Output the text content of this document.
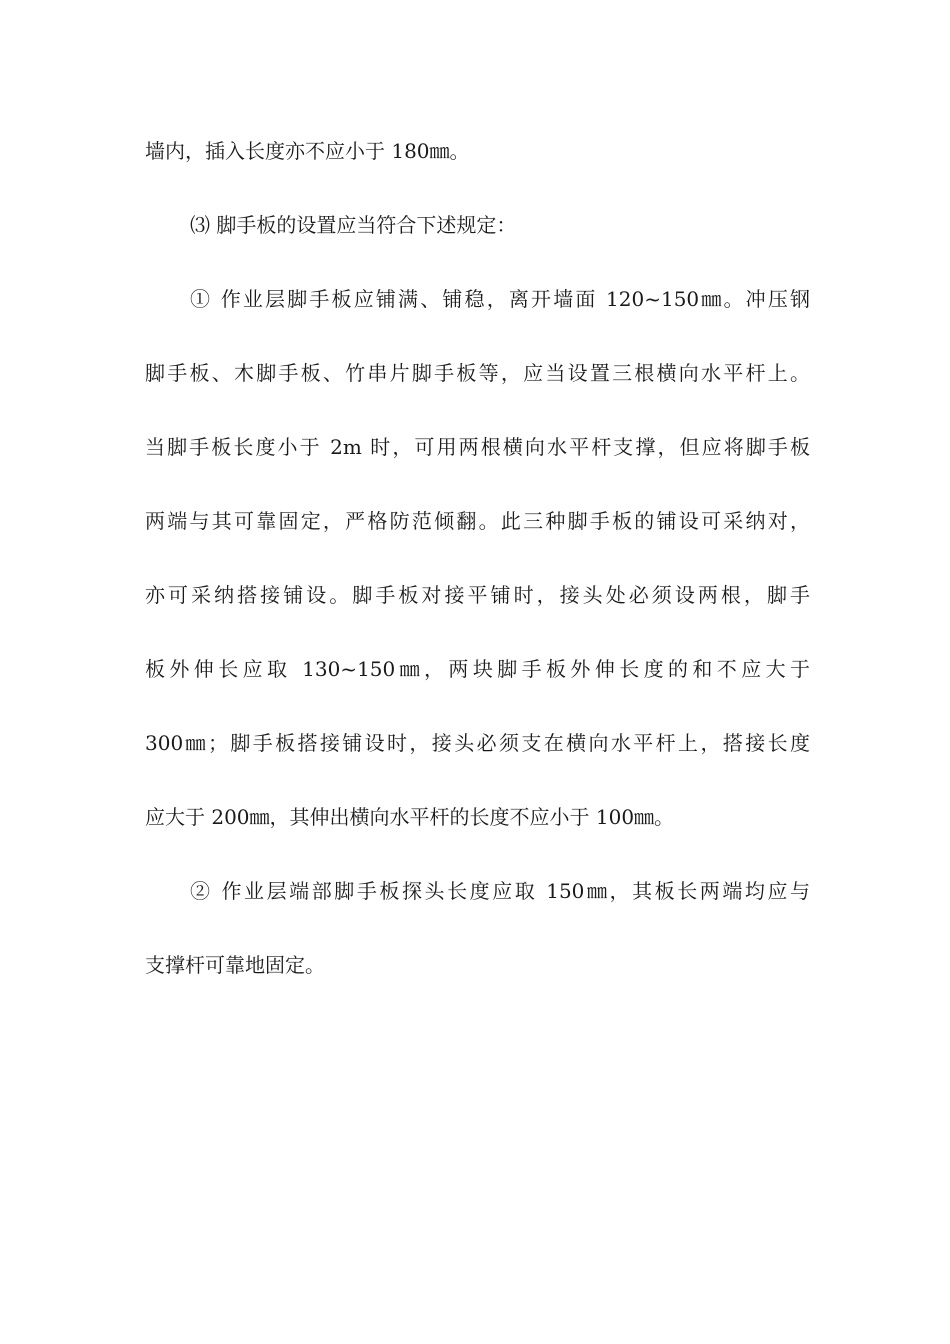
墙内，插入长度亦不应小于 180㎜。
⑶ 脚手板的设置应当符合下述规定：
① 作业层脚手板应铺满、铺稳，离开墙面 120~150㎜。冲压钢
脚手板、木脚手板、竹串片脚手板等，应当设置三根横向水平杆上。
当脚手板长度小于 2m 时，可用两根横向水平杆支撑，但应将脚手板
两端与其可靠固定，严格防范倾翻。此三种脚手板的铺设可采纳对，
亦可采纳搭接铺设。脚手板对接平铺时，接头处必须设两根，脚手
板外伸长应取 130~150㎜，两块脚手板外伸长度的和不应大于
300㎜；脚手板搭接铺设时，接头必须支在横向水平杆上，搭接长度
应大于 200㎜，其伸出横向水平杆的长度不应小于 100㎜。
② 作业层端部脚手板探头长度应取 150㎜，其板长两端均应与
支撑杆可靠地固定。
